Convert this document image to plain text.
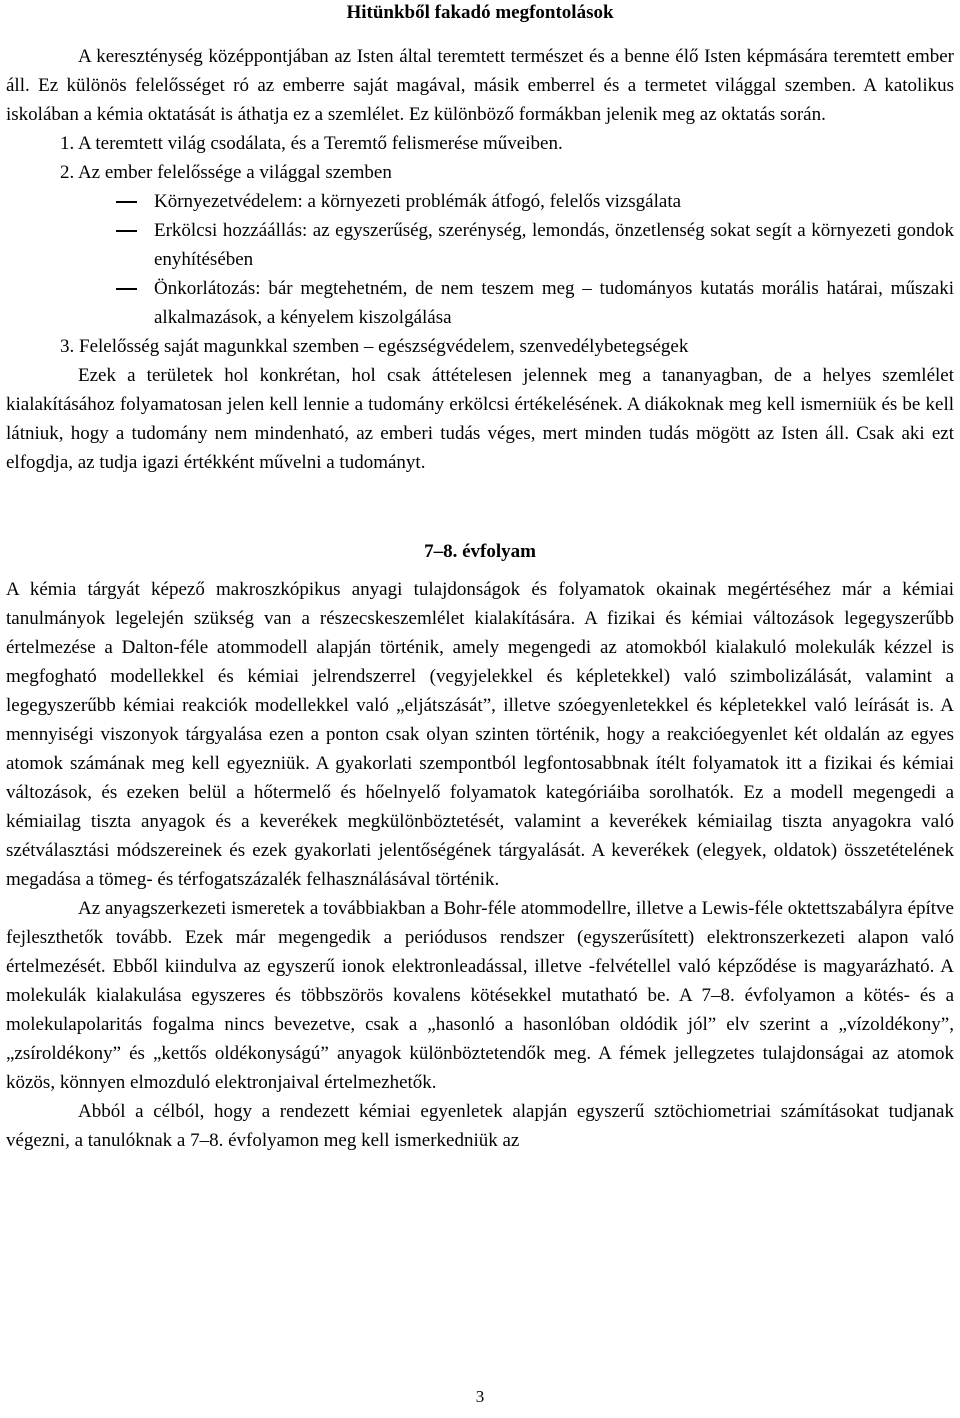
Hitünkből fakadó megfontolások

A kereszténység középpontjában az Isten által teremtett természet és a benne élő Isten képmására teremtett ember áll. Ez különös felelősséget ró az emberre saját magával, másik emberrel és a termetet világgal szemben. A katolikus iskolában a kémia oktatását is áthatja ez a szemlélet. Ez különböző formákban jelenik meg az oktatás során.

1. A teremtett világ csodálata, és a Teremtő felismerése műveiben.

2. Az ember felelőssége a világgal szemben

Környezetvédelem: a környezeti problémák átfogó, felelős vizsgálata
Erkölcsi hozzáállás: az egyszerűség, szerénység, lemondás, önzetlenség sokat segít a környezeti gondok enyhítésében
Önkorlátozás: bár megtehetném, de nem teszem meg – tudományos kutatás morális határai, műszaki alkalmazások, a kényelem kiszolgálása

3. Felelősség saját magunkkal szemben – egészségvédelem, szenvedélybetegségek

Ezek a területek hol konkrétan, hol csak áttételesen jelennek meg a tananyagban, de a helyes szemlélet kialakításához folyamatosan jelen kell lennie a tudomány erkölcsi értékelésének. A diákoknak meg kell ismerniük és be kell látniuk, hogy a tudomány nem mindenható, az emberi tudás véges, mert minden tudás mögött az Isten áll. Csak aki ezt elfogdja, az tudja igazi értékként művelni a tudományt.

7–8. évfolyam

A kémia tárgyát képező makroszkópikus anyagi tulajdonságok és folyamatok okainak megértéséhez már a kémiai tanulmányok legelején szükség van a részecskeszemlélet kialakítására. A fizikai és kémiai változások legegyszerűbb értelmezése a Dalton-féle atommodell alapján történik, amely megengedi az atomokból kialakuló molekulák kézzel is megfogható modellekkel és kémiai jelrendszerrel (vegyjelekkel és képletekkel) való szimbolizálását, valamint a legegyszerűbb kémiai reakciók modellekkel való „eljátszását”, illetve szóegyenletekkel és képletekkel való leírását is. A mennyiségi viszonyok tárgyalása ezen a ponton csak olyan szinten történik, hogy a reakcióegyenlet két oldalán az egyes atomok számának meg kell egyezniük. A gyakorlati szempontból legfontosabbnak ítélt folyamatok itt a fizikai és kémiai változások, és ezeken belül a hőtermelő és hőelnyelő folyamatok kategóriáiba sorolhatók. Ez a modell megengedi a kémiailag tiszta anyagok és a keverékek megkülönböztetését, valamint a keverékek kémiailag tiszta anyagokra való szétválasztási módszereinek és ezek gyakorlati jelentőségének tárgyalását. A keverékek (elegyek, oldatok) összetételének megadása a tömeg- és térfogatszázalék felhasználásával történik.

Az anyagszerkezeti ismeretek a továbbiakban a Bohr-féle atommodellre, illetve a Lewis-féle oktettszabályra építve fejleszthetők tovább. Ezek már megengedik a periódusos rendszer (egyszerűsített) elektronszerkezeti alapon való értelmezését. Ebből kiindulva az egyszerű ionok elektronleadással, illetve -felvétellel való képződése is magyarázható. A molekulák kialakulása egyszeres és többszörös kovalens kötésekkel mutatható be. A 7–8. évfolyamon a kötés- és a molekulapolaritás fogalma nincs bevezetve, csak a „hasonló a hasonlóban oldódik jól” elv szerint a „vízoldékony”, „zsíroldékony” és „kettős oldékonyságú” anyagok különböztetendők meg. A fémek jellegzetes tulajdonságai az atomok közös, könnyen elmozduló elektronjaival értelmezhetők.

Abból a célból, hogy a rendezett kémiai egyenletek alapján egyszerű sztöchiometriai számításokat tudjanak végezni, a tanulóknak a 7–8. évfolyamon meg kell ismerkedniük az

3
